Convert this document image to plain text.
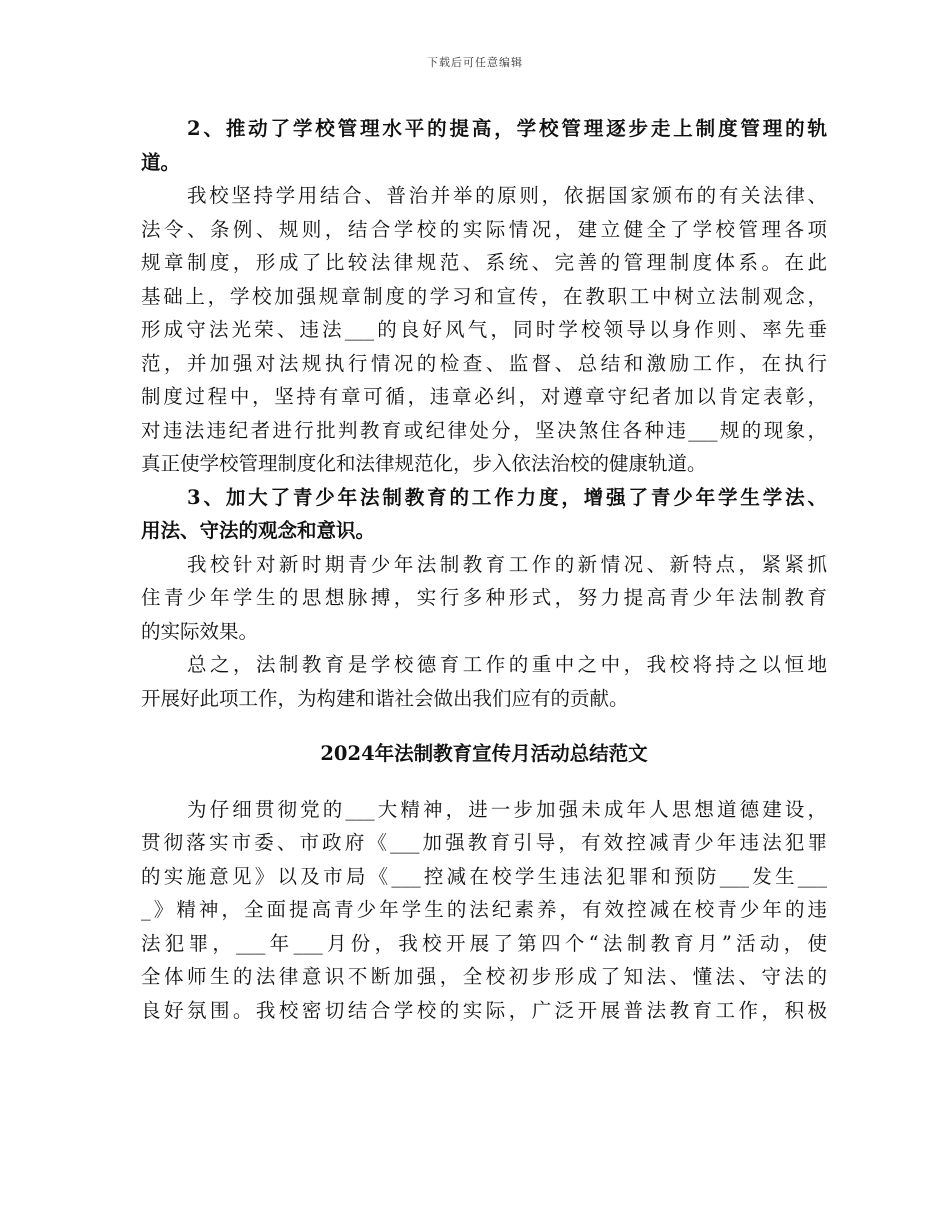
下载后可任意编辑
2、推动了学校管理水平的提高，学校管理逐步走上制度管理的轨
道。
我校坚持学用结合、普治并举的原则，依据国家颁布的有关法律、
法令、条例、规则，结合学校的实际情况，建立健全了学校管理各项
规章制度，形成了比较法律规范、系统、完善的管理制度体系。在此
基础上，学校加强规章制度的学习和宣传，在教职工中树立法制观念，
形成守法光荣、违法___的良好风气，同时学校领导以身作则、率先垂
范，并加强对法规执行情况的检查、监督、总结和激励工作，在执行
制度过程中，坚持有章可循，违章必纠，对遵章守纪者加以肯定表彰，
对违法违纪者进行批判教育或纪律处分，坚决煞住各种违___规的现象，
真正使学校管理制度化和法律规范化，步入依法治校的健康轨道。
3、加大了青少年法制教育的工作力度，增强了青少年学生学法、
用法、守法的观念和意识。
我校针对新时期青少年法制教育工作的新情况、新特点，紧紧抓
住青少年学生的思想脉搏，实行多种形式，努力提高青少年法制教育
的实际效果。
总之，法制教育是学校德育工作的重中之中，我校将持之以恒地
开展好此项工作，为构建和谐社会做出我们应有的贡献。
2024年法制教育宣传月活动总结范文
为仔细贯彻党的___大精神，进一步加强未成年人思想道德建设，
贯彻落实市委、市政府《___加强教育引导，有效控减青少年违法犯罪
的实施意见》以及市局《___控减在校学生违法犯罪和预防___发生___
_》精神，全面提高青少年学生的法纪素养，有效控减在校青少年的违
法犯罪，___年___月份，我校开展了第四个“法制教育月”活动，使
全体师生的法律意识不断加强，全校初步形成了知法、懂法、守法的
良好氛围。我校密切结合学校的实际，广泛开展普法教育工作，积极
